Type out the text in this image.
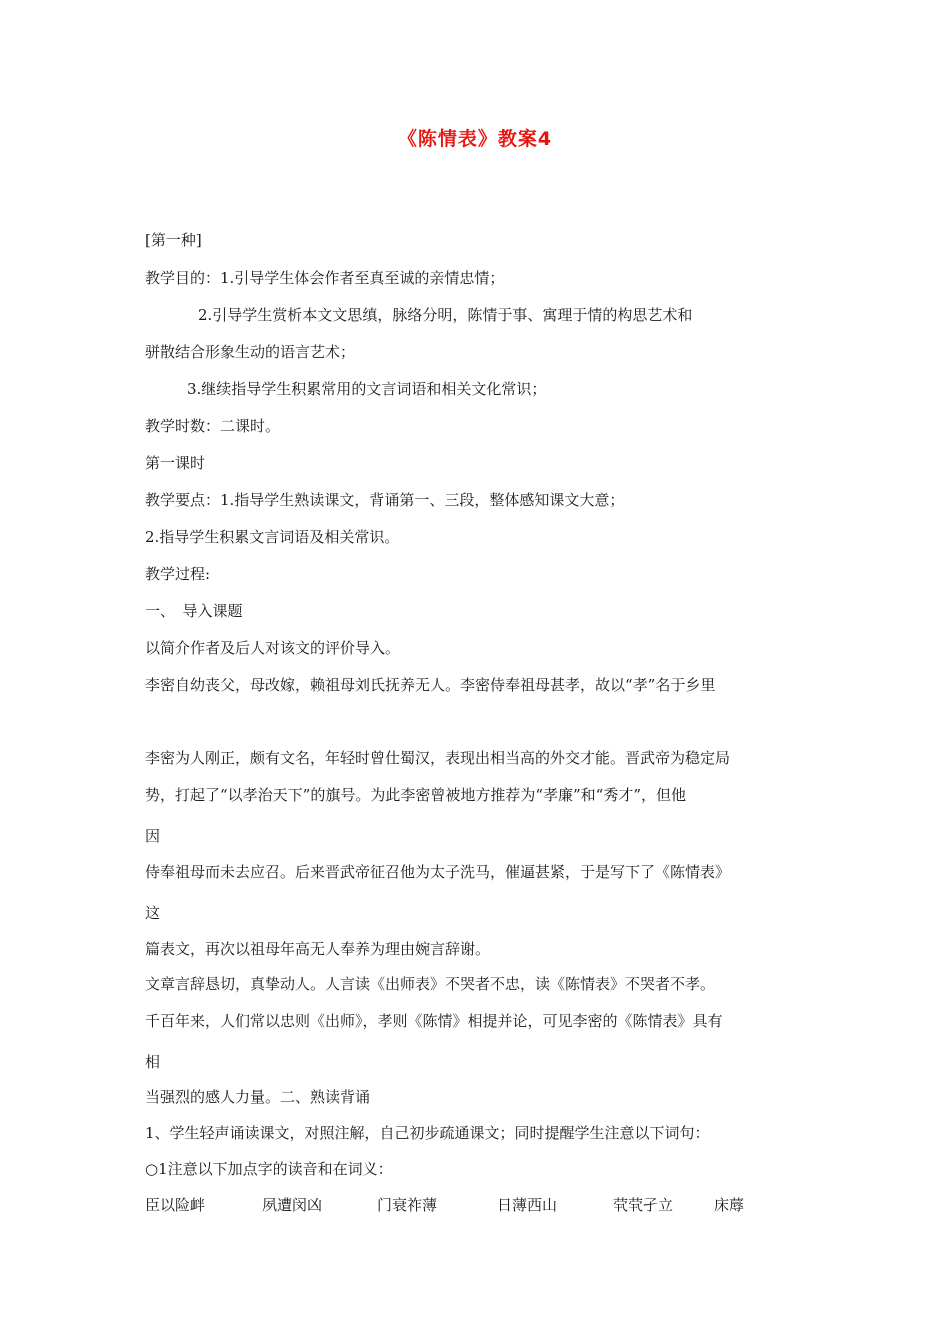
《陈情表》教案4
[第一种]
教学目的：1.引导学生体会作者至真至诚的亲情忠情；
2.引导学生赏析本文文思缜，脉络分明，陈情于事、寓理于情的构思艺术和
骈散结合形象生动的语言艺术；
3.继续指导学生积累常用的文言词语和相关文化常识；
教学时数：二课时。
第一课时
教学要点：1.指导学生熟读课文，背诵第一、三段，整体感知课文大意；
2.指导学生积累文言词语及相关常识。
教学过程:
一、　导入课题
以简介作者及后人对该文的评价导入。
李密自幼丧父，母改嫁，赖祖母刘氏抚养无人。李密侍奉祖母甚孝，故以“孝”名于乡里
李密为人刚正，颇有文名，年轻时曾仕蜀汉，表现出相当高的外交才能。晋武帝为稳定局
势，打起了“以孝治天下”的旗号。为此李密曾被地方推荐为“孝廉”和“秀才”，但他
因
侍奉祖母而未去应召。后来晋武帝征召他为太子洗马，催逼甚紧，于是写下了《陈情表》
这
篇表文，再次以祖母年高无人奉养为理由婉言辞谢。
文章言辞恳切，真挚动人。人言读《出师表》不哭者不忠，读《陈情表》不哭者不孝。
千百年来，人们常以忠则《出师》，孝则《陈情》相提并论，可见李密的《陈情表》具有
相
当强烈的感人力量。二、熟读背诵
1、学生轻声诵读课文，对照注解，自己初步疏通课文；同时提醒学生注意以下词句：
○1注意以下加点字的读音和在词义：
臣以险衅	夙遭闵凶	门衰祚薄	日薄西山	茕茕孑立	床蓐
